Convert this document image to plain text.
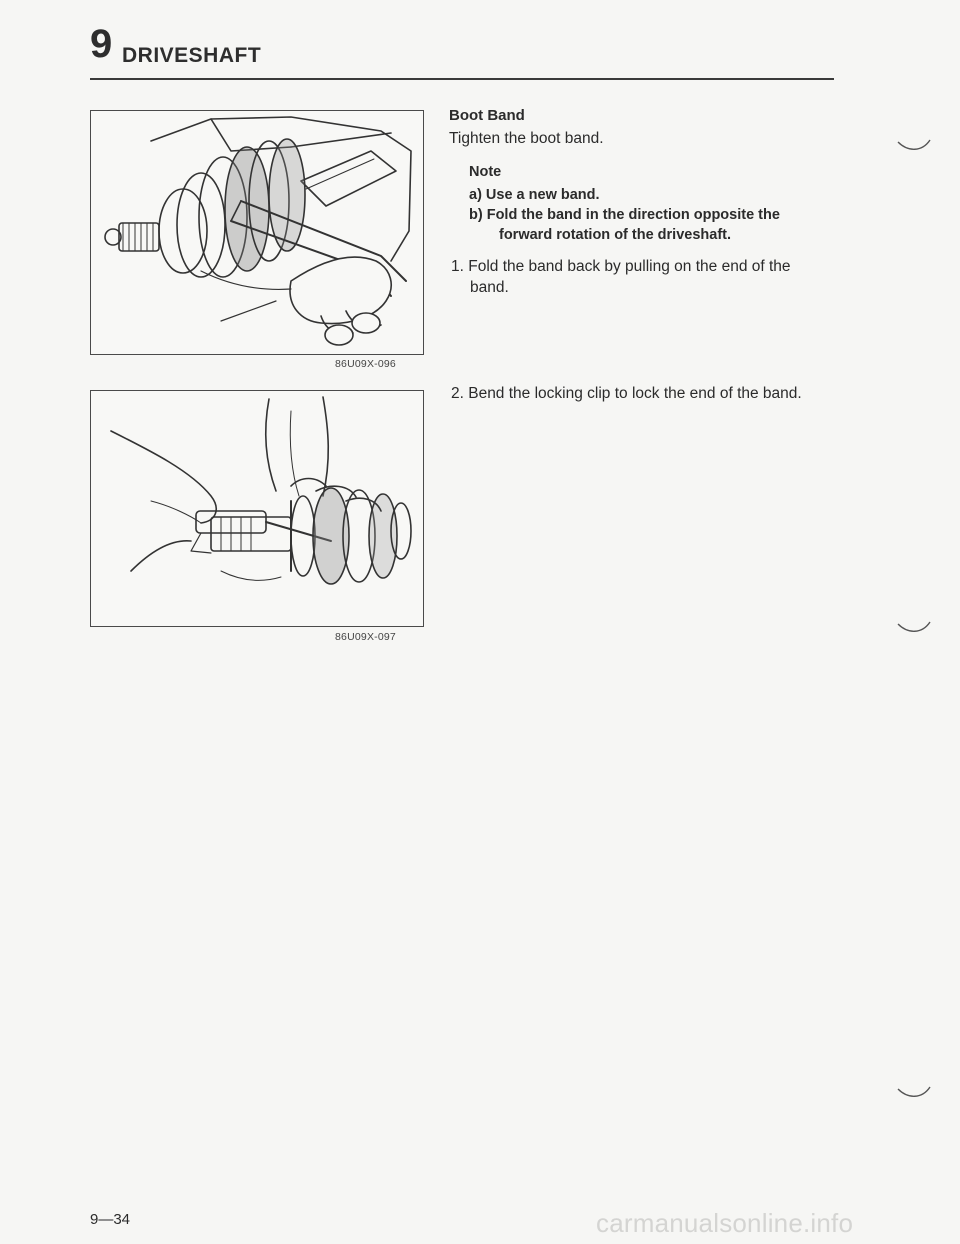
9 DRIVESHAFT
86U09X-096
86U09X-097
Boot Band
Tighten the boot band.
Note
a) Use a new band.
b) Fold the band in the direction opposite the
forward rotation of the driveshaft.
1. Fold the band back by pulling on the end of the
band.
2. Bend the locking clip to lock the end of the band.
9—34	carmanualsonline.info
